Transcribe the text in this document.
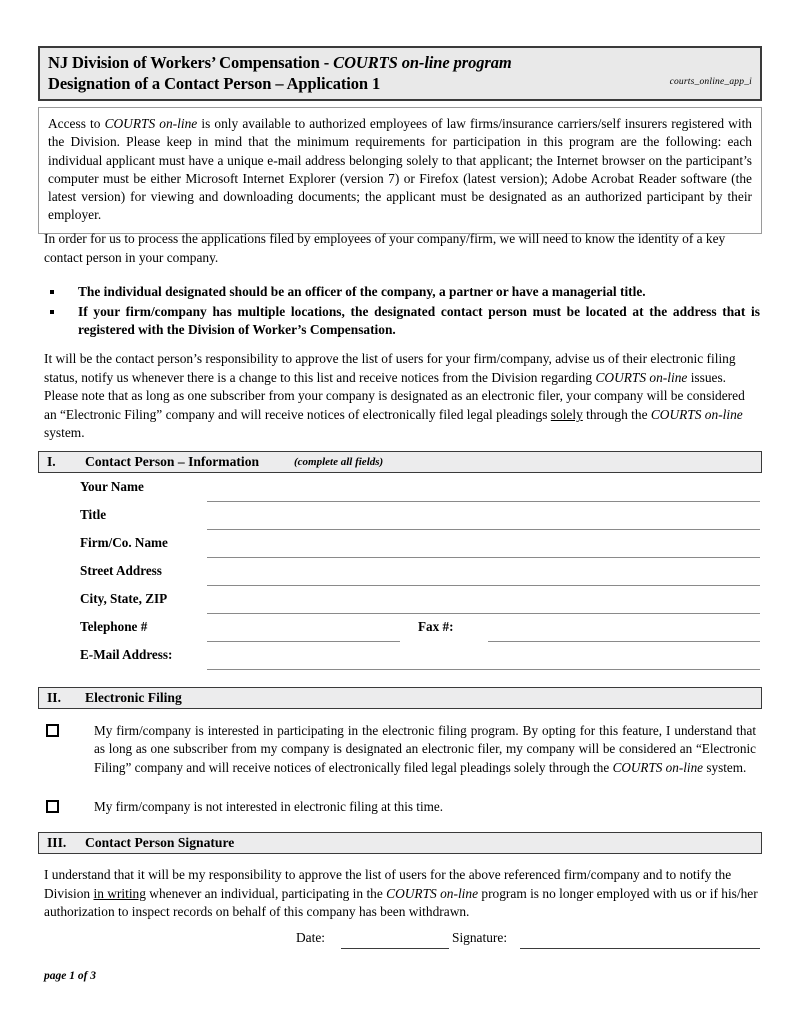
NJ Division of Workers’ Compensation - COURTS on-line program
Designation of a Contact Person – Application 1	courts_online_app_i

Access to COURTS on-line is only available to authorized employees of law firms/insurance carriers/self insurers registered with the Division. Please keep in mind that the minimum requirements for participation in this program are the following: each individual applicant must have a unique e-mail address belonging solely to that applicant; the Internet browser on the participant’s computer must be either Microsoft Internet Explorer (version 7) or Firefox (latest version); Adobe Acrobat Reader software (the latest version) for viewing and downloading documents; the applicant must be designated as an authorized participant by their employer.

In order for us to process the applications filed by employees of your company/firm, we will need to know the identity of a key contact person in your company.
The individual designated should be an officer of the company, a partner or have a managerial title.
If your firm/company has multiple locations, the designated contact person must be located at the address that is registered with the Division of Worker’s Compensation.
It will be the contact person’s responsibility to approve the list of users for your firm/company, advise us of their electronic filing status, notify us whenever there is a change to this list and receive notices from the Division regarding COURTS on-line issues. Please note that as long as one subscriber from your company is designated as an electronic filer, your company will be considered an “Electronic Filing” company and will receive notices of electronically filed legal pleadings solely through the COURTS on-line system.
I. Contact Person – Information	(complete all fields)
Your Name
Title
Firm/Co. Name
Street Address
City, State, ZIP
Telephone #	Fax #:
E-Mail Address:
II. Electronic Filing
My firm/company is interested in participating in the electronic filing program. By opting for this feature, I understand that as long as one subscriber from my company is designated an electronic filer, my company will be considered an “Electronic Filing” company and will receive notices of electronically filed legal pleadings solely through the COURTS on-line system.
My firm/company is not interested in electronic filing at this time.
III. Contact Person Signature
I understand that it will be my responsibility to approve the list of users for the above referenced firm/company and to notify the Division in writing whenever an individual, participating in the COURTS on-line program is no longer employed with us or if his/her authorization to inspect records on behalf of this company has been withdrawn.
Date:	Signature:
page 1 of 3
